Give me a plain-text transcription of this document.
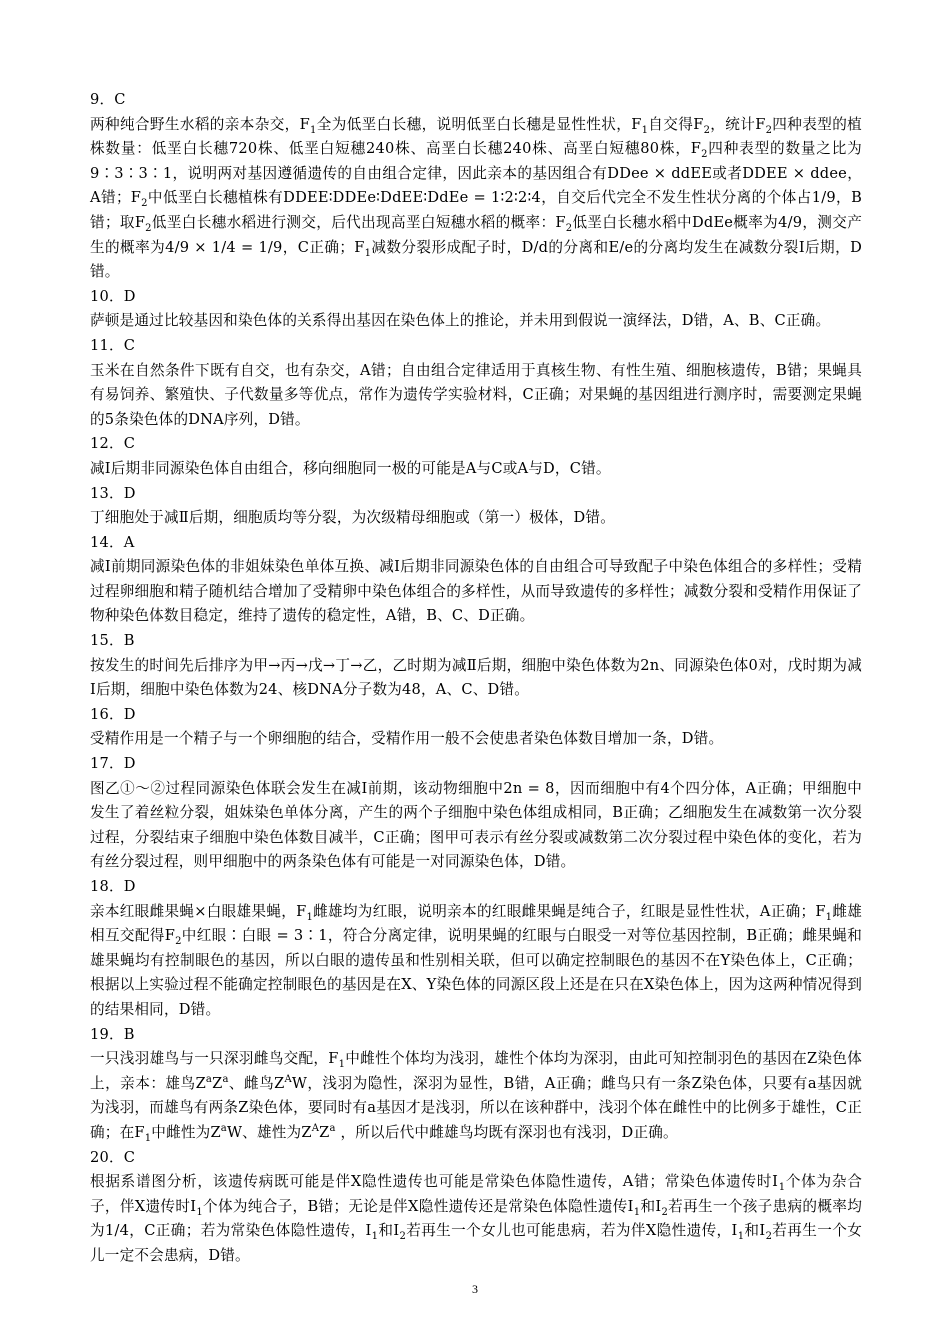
9．C
两种纯合野生水稻的亲本杂交，$F_1$全为低垩白长穗，说明低垩白长穗是显性性状，$F_1$自交得$F_2$，统计$F_2$四种表型的植株数量：低垩白长穗720株、低垩白短穗240株、高垩白长穗240株、高垩白短穗80株，$F_2$四种表型的数量之比为9∶3∶3∶1，说明两对基因遵循遗传的自由组合定律，因此亲本的基因组合有DDee × ddEE或者DDEE × ddee，A错；$F_2$中低垩白长穗植株有DDEE∶DDEe∶DdEE∶DdEe = 1∶2∶2∶4，自交后代完全不发生性状分离的个体占1/9，B错；取$F_2$低垩白长穗水稻进行测交，后代出现高垩白短穗水稻的概率：$F_2$低垩白长穗水稻中DdEe概率为4/9，测交产生的概率为4/9 × 1/4 = 1/9，C正确；$F_1$减数分裂形成配子时，D/d的分离和E/e的分离均发生在减数分裂Ⅰ后期，D错。
10．D
萨顿是通过比较基因和染色体的关系得出基因在染色体上的推论，并未用到假说一演绎法，D错，A、B、C正确。
11．C
玉米在自然条件下既有自交，也有杂交，A错；自由组合定律适用于真核生物、有性生殖、细胞核遗传，B错；果蝇具有易饲养、繁殖快、子代数量多等优点，常作为遗传学实验材料，C正确；对果蝇的基因组进行测序时，需要测定果蝇的5条染色体的DNA序列，D错。
12．C
减Ⅰ后期非同源染色体自由组合，移向细胞同一极的可能是A与C或A与D，C错。
13．D
丁细胞处于减Ⅱ后期，细胞质均等分裂，为次级精母细胞或（第一）极体，D错。
14．A
减Ⅰ前期同源染色体的非姐妹染色单体互换、减Ⅰ后期非同源染色体的自由组合可导致配子中染色体组合的多样性；受精过程卵细胞和精子随机结合增加了受精卵中染色体组合的多样性，从而导致遗传的多样性；减数分裂和受精作用保证了物种染色体数目稳定，维持了遗传的稳定性，A错，B、C、D正确。
15．B
按发生的时间先后排序为甲→丙→戊→丁→乙，乙时期为减Ⅱ后期，细胞中染色体数为2n、同源染色体0对，戊时期为减Ⅰ后期，细胞中染色体数为24、核DNA分子数为48，A、C、D错。
16．D
受精作用是一个精子与一个卵细胞的结合，受精作用一般不会使患者染色体数目增加一条，D错。
17．D
图乙①～②过程同源染色体联会发生在减Ⅰ前期，该动物细胞中2n = 8，因而细胞中有4个四分体，A正确；甲细胞中发生了着丝粒分裂，姐妹染色单体分离，产生的两个子细胞中染色体组成相同，B正确；乙细胞发生在减数第一次分裂过程，分裂结束子细胞中染色体数目减半，C正确；图甲可表示有丝分裂或减数第二次分裂过程中染色体的变化，若为有丝分裂过程，则甲细胞中的两条染色体有可能是一对同源染色体，D错。
18．D
亲本红眼雌果蝇×白眼雄果蝇，$F_1$雌雄均为红眼，说明亲本的红眼雌果蝇是纯合子，红眼是显性性状，A正确；$F_1$雌雄相互交配得$F_2$中红眼∶白眼 = 3∶1，符合分离定律，说明果蝇的红眼与白眼受一对等位基因控制，B正确；雌果蝇和雄果蝇均有控制眼色的基因，所以白眼的遗传虽和性别相关联，但可以确定控制眼色的基因不在Y染色体上，C正确；根据以上实验过程不能确定控制眼色的基因是在X、Y染色体的同源区段上还是在只在X染色体上，因为这两种情况得到的结果相同，D错。
19．B
一只浅羽雄鸟与一只深羽雌鸟交配，$F_1$中雌性个体均为浅羽，雄性个体均为深羽，由此可知控制羽色的基因在Z染色体上，亲本：雄鸟$Z^aZ^a$、雌鸟$Z^AW$，浅羽为隐性，深羽为显性，B错，A正确；雌鸟只有一条Z染色体，只要有a基因就为浅羽，而雄鸟有两条Z染色体，要同时有a基因才是浅羽，所以在该种群中，浅羽个体在雌性中的比例多于雄性，C正确；在$F_1$中雌性为$Z^aW$、雄性为$Z^AZ^a$ ，所以后代中雌雄鸟均既有深羽也有浅羽，D正确。
20．C
根据系谱图分析，该遗传病既可能是伴X隐性遗传也可能是常染色体隐性遗传，A错；常染色体遗传时$Ⅰ_1$个体为杂合子，伴X遗传时$Ⅰ_1$个体为纯合子，B错；无论是伴X隐性遗传还是常染色体隐性遗传$Ⅰ_1$和$Ⅰ_2$若再生一个孩子患病的概率均为1/4，C正确；若为常染色体隐性遗传，$Ⅰ_1$和$Ⅰ_2$若再生一个女儿也可能患病，若为伴X隐性遗传，$Ⅰ_1$和$Ⅰ_2$若再生一个女儿一定不会患病，D错。
3
